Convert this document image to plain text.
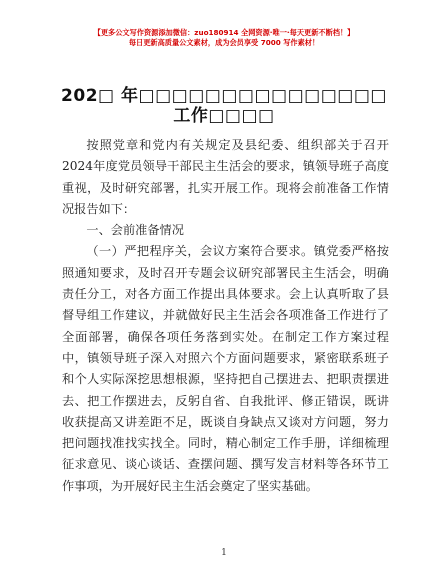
【更多公文写作资源添加微信：zuo180914 全网资源·唯一·每天更新不断档！】
每日更新高质量公文素材，成为会员享受 7000 写作素材！
202□ 年□□□□□□□□□□□□□□□
工作□□□□

按照党章和党内有关规定及县纪委、组织部关于召开2024年度党员领导干部民主生活会的要求，镇领导班子高度重视，及时研究部署，扎实开展工作。现将会前准备工作情况报告如下：

一、会前准备情况

（一）严把程序关，会议方案符合要求。镇党委严格按照通知要求，及时召开专题会议研究部署民主生活会，明确责任分工，对各方面工作提出具体要求。会上认真听取了县督导组工作建议，并就做好民主生活会各项准备工作进行了全面部署，确保各项任务落到实处。在制定工作方案过程中，镇领导班子深入对照六个方面问题要求，紧密联系班子和个人实际深挖思想根源，坚持把自己摆进去、把职责摆进去、把工作摆进去，反躬自省、自我批评、修正错误，既讲收获提高又讲差距不足，既谈自身缺点又谈对方问题，努力把问题找准找实找全。同时，精心制定工作手册，详细梳理征求意见、谈心谈话、查摆问题、撰写发言材料等各环节工作事项，为开展好民主生活会奠定了坚实基础。

1
